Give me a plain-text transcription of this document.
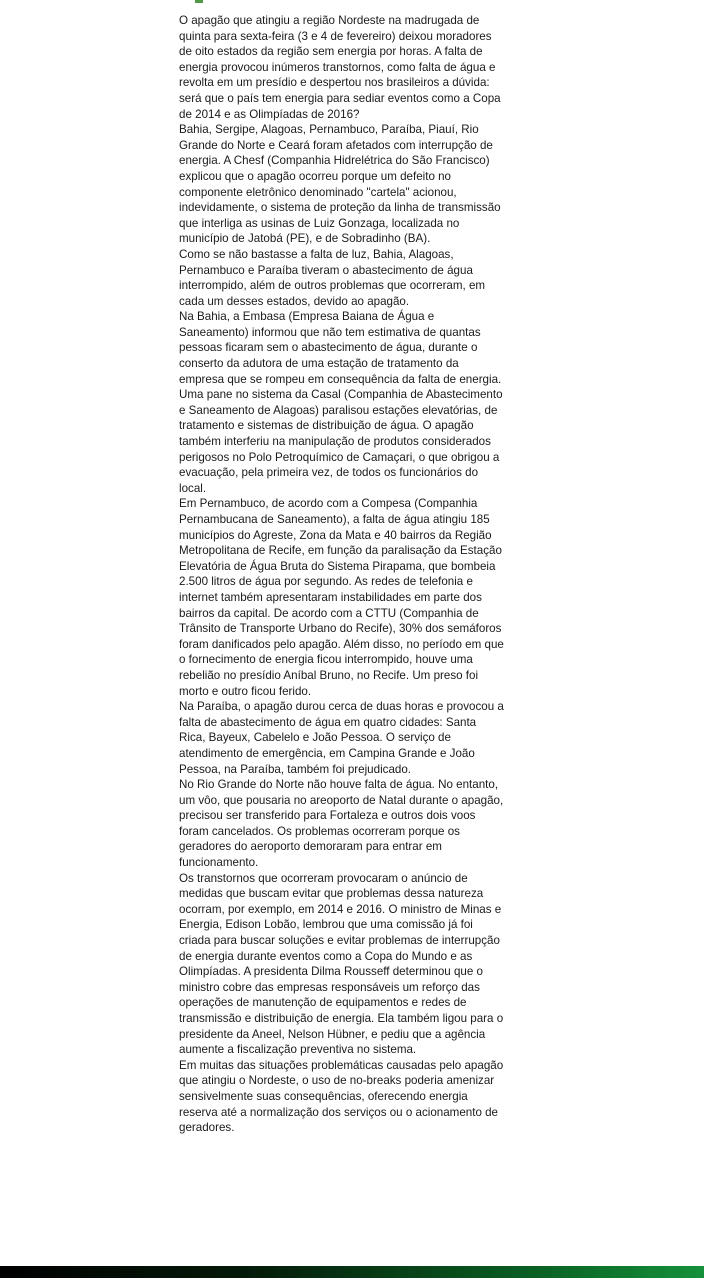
O apagão que atingiu a região Nordeste na madrugada de quinta para sexta-feira (3 e 4 de fevereiro) deixou moradores de oito estados da região sem energia por horas. A falta de energia provocou inúmeros transtornos, como falta de água e revolta em um presídio e despertou nos brasileiros a dúvida: será que o país tem energia para sediar eventos como a Copa de 2014 e as Olimpíadas de 2016?

Bahia, Sergipe, Alagoas, Pernambuco, Paraíba, Piauí, Rio Grande do Norte e Ceará foram afetados com interrupção de energia. A Chesf (Companhia Hidrelétrica do São Francisco) explicou que o apagão ocorreu porque um defeito no componente eletrônico denominado "cartela" acionou, indevidamente, o sistema de proteção da linha de transmissão que interliga as usinas de Luiz Gonzaga, localizada no município de Jatobá (PE), e de Sobradinho (BA).

Como se não bastasse a falta de luz, Bahia, Alagoas, Pernambuco e Paraíba tiveram o abastecimento de água interrompido, além de outros problemas que ocorreram, em cada um desses estados, devido ao apagão.

Na Bahia, a Embasa (Empresa Baiana de Água e Saneamento) informou que não tem estimativa de quantas pessoas ficaram sem o abastecimento de água, durante o conserto da adutora de uma estação de tratamento da empresa que se rompeu em consequência da falta de energia.

Uma pane no sistema da Casal (Companhia de Abastecimento e Saneamento de Alagoas) paralisou estações elevatórias, de tratamento e sistemas de distribuição de água. O apagão também interferiu na manipulação de produtos considerados perigosos no Polo Petroquímico de Camaçari, o que obrigou a evacuação, pela primeira vez, de todos os funcionários do local.

Em Pernambuco, de acordo com a Compesa (Companhia Pernambucana de Saneamento), a falta de água atingiu 185 municípios do Agreste, Zona da Mata e 40 bairros da Região Metropolitana de Recife, em função da paralisação da Estação Elevatória de Água Bruta do Sistema Pirapama, que bombeia 2.500 litros de água por segundo. As redes de telefonia e internet também apresentaram instabilidades em parte dos bairros da capital. De acordo com a CTTU (Companhia de Trânsito de Transporte Urbano do Recife), 30% dos semáforos foram danificados pelo apagão. Além disso, no período em que o fornecimento de energia ficou interrompido, houve uma rebelião no presídio Aníbal Bruno, no Recife. Um preso foi morto e outro ficou ferido.

Na Paraíba, o apagão durou cerca de duas horas e provocou a falta de abastecimento de água em quatro cidades: Santa Rica, Bayeux, Cabelelo e João Pessoa. O serviço de atendimento de emergência, em Campina Grande e João Pessoa, na Paraíba, também foi prejudicado.

No Rio Grande do Norte não houve falta de água. No entanto, um vôo, que pousaria no areoporto de Natal durante o apagão, precisou ser transferido para Fortaleza e outros dois voos foram cancelados. Os problemas ocorreram porque os geradores do aeroporto demoraram para entrar em funcionamento.

Os transtornos que ocorreram provocaram o anúncio de medidas que buscam evitar que problemas dessa natureza ocorram, por exemplo, em 2014 e 2016. O ministro de Minas e Energia, Edison Lobão, lembrou que uma comissão já foi criada para buscar soluções e evitar problemas de interrupção de energia durante eventos como a Copa do Mundo e as Olimpíadas. A presidenta Dilma Rousseff determinou que o ministro cobre das empresas responsáveis um reforço das operações de manutenção de equipamentos e redes de transmissão e distribuição de energia. Ela também ligou para o presidente da Aneel, Nelson Hübner, e pediu que a agência aumente a fiscalização preventiva no sistema.

Em muitas das situações problemáticas causadas pelo apagão que atingiu o Nordeste, o uso de no-breaks poderia amenizar sensivelmente suas consequências, oferecendo energia reserva até a normalização dos serviços ou o acionamento de geradores.
